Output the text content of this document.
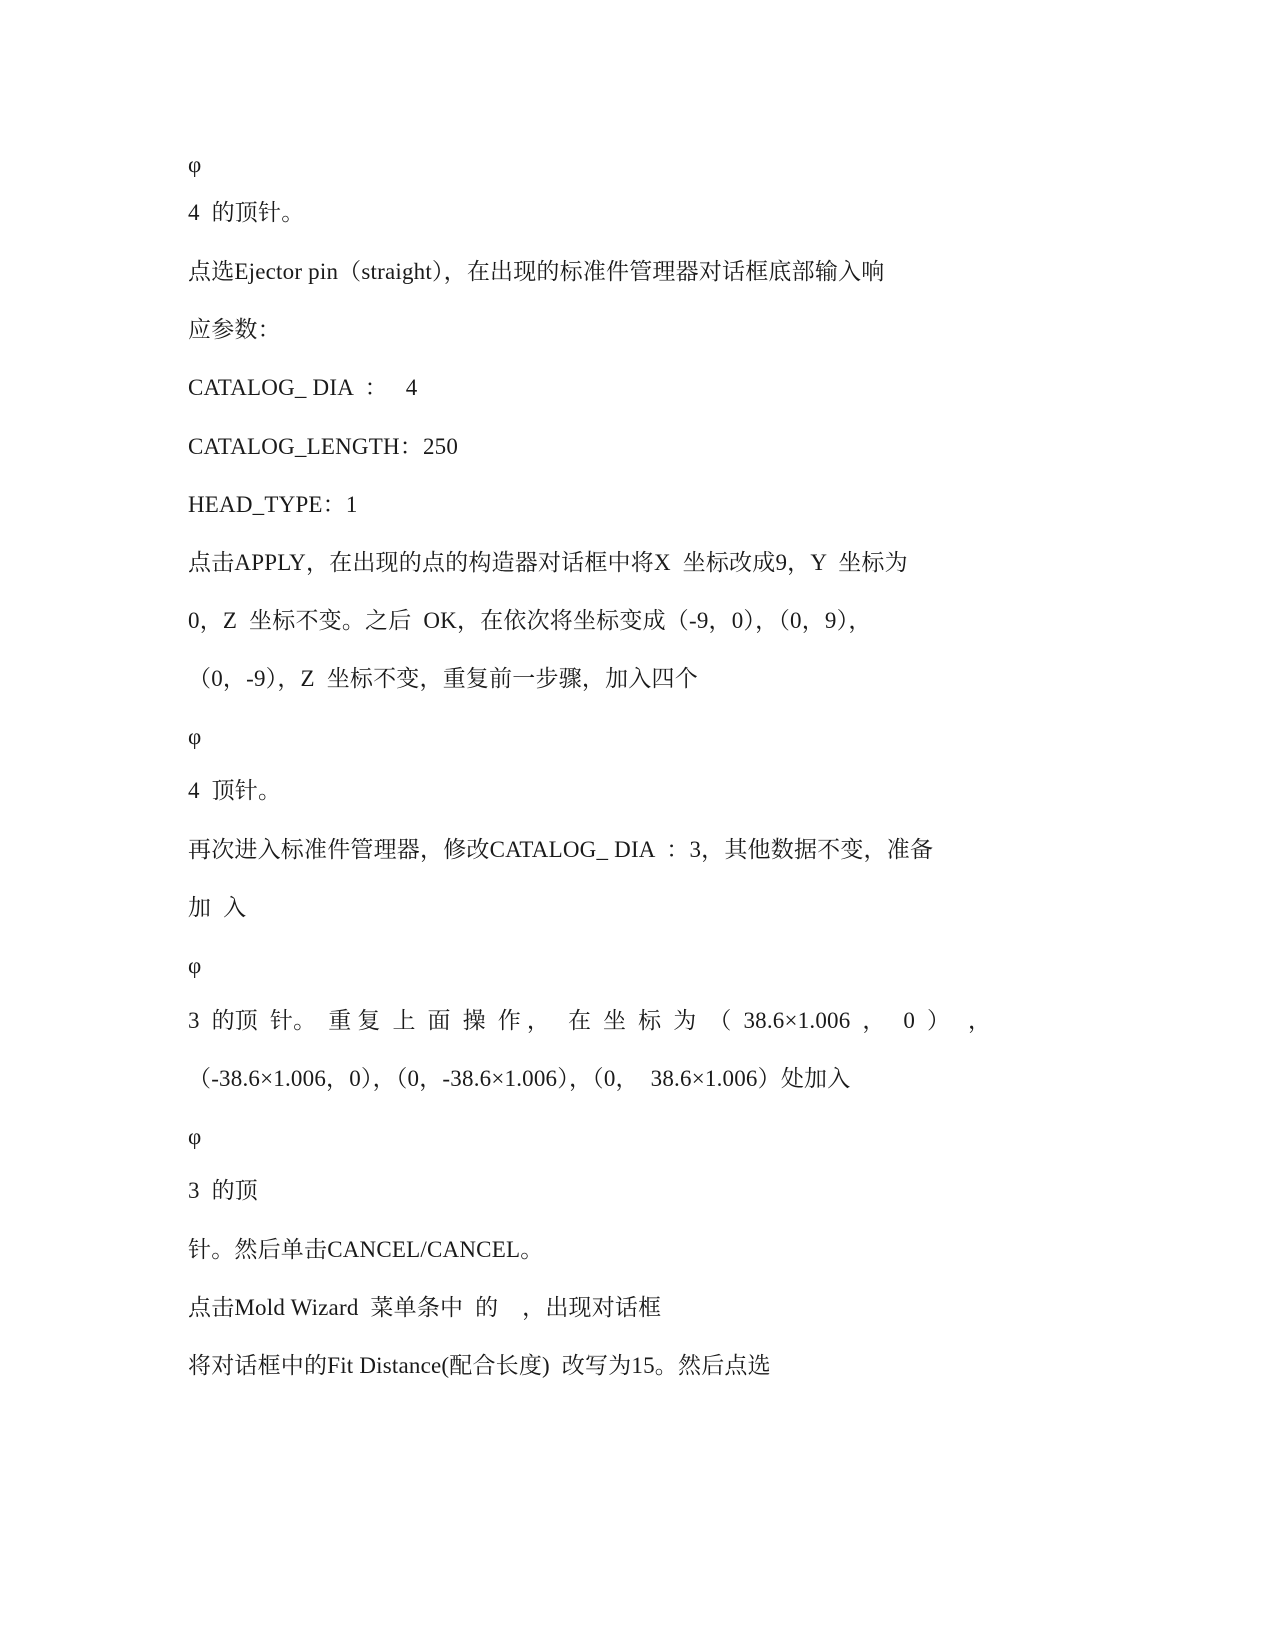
φ
4  的顶针。
点选Ejector pin（straight），在出现的标准件管理器对话框底部输入响
应参数：
CATALOG_ DIA  ：   4
CATALOG_LENGTH：250
HEAD_TYPE：1
点击APPLY，在出现的点的构造器对话框中将X  坐标改成9，Y  坐标为
0，Z  坐标不变。之后  OK，在依次将坐标变成（-9，0），（0，9），
（0，-9），Z  坐标不变，重复前一步骤，加入四个
φ
4  顶针。
再次进入标准件管理器，修改CATALOG_ DIA  ：3，其他数据不变，准备
加  入
φ
3  的顶  针。  重 复  上  面  操  作 ，   在  坐  标  为  （  38.6×1.006  ，   0  ）   ，
（-38.6×1.006，0），（0，-38.6×1.006），（0，  38.6×1.006）处加入
φ
3  的顶
针。然后单击CANCEL/CANCEL。
点击Mold Wizard  菜单条中  的    ，出现对话框
将对话框中的Fit Distance(配合长度)  改写为15。然后点选
